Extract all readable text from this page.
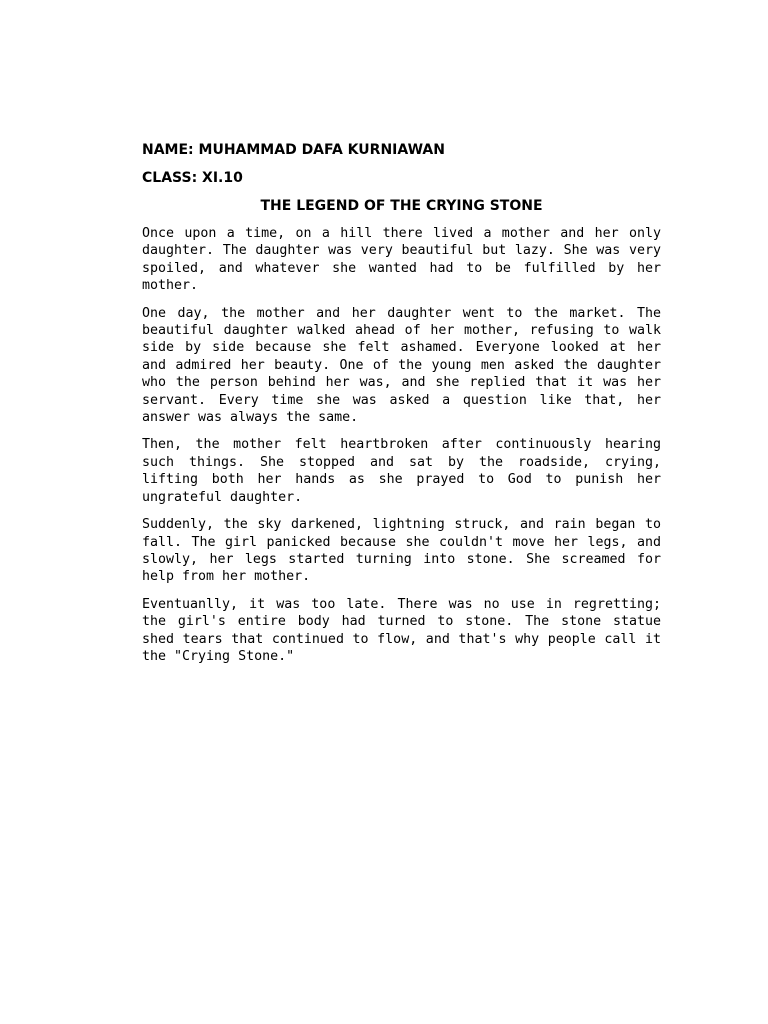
NAME: MUHAMMAD DAFA KURNIAWAN

CLASS: XI.10

THE LEGEND OF THE CRYING STONE

Once upon a time, on a hill there lived a mother and her only daughter. The daughter was very beautiful but lazy. She was very spoiled, and whatever she wanted had to be fulfilled by her mother.

One day, the mother and her daughter went to the market. The beautiful daughter walked ahead of her mother, refusing to walk side by side because she felt ashamed. Everyone looked at her and admired her beauty. One of the young men asked the daughter who the person behind her was, and she replied that it was her servant. Every time she was asked a question like that, her answer was always the same.

Then, the mother felt heartbroken after continuously hearing such things. She stopped and sat by the roadside, crying, lifting both her hands as she prayed to God to punish her ungrateful daughter.

Suddenly, the sky darkened, lightning struck, and rain began to fall. The girl panicked because she couldn't move her legs, and slowly, her legs started turning into stone. She screamed for help from her mother.

Eventuanlly, it was too late. There was no use in regretting; the girl's entire body had turned to stone. The stone statue shed tears that continued to flow, and that's why people call it the "Crying Stone."
